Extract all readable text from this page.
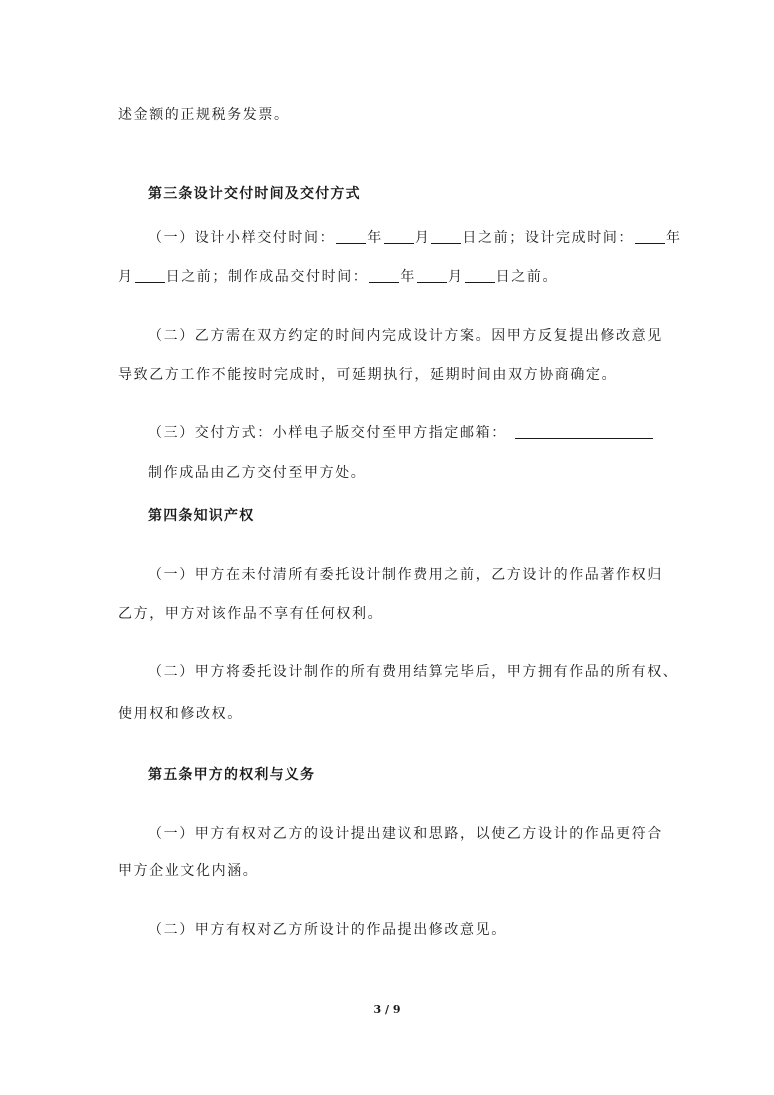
述金额的正规税务发票。
第三条设计交付时间及交付方式
（一）设计小样交付时间： 年 月 日之前；设计完成时间： 年
月 日之前；制作成品交付时间： 年 月 日之前。
（二）乙方需在双方约定的时间内完成设计方案。因甲方反复提出修改意见
导致乙方工作不能按时完成时，可延期执行，延期时间由双方协商确定。
（三）交付方式：小样电子版交付至甲方指定邮箱：
制作成品由乙方交付至甲方处。
第四条知识产权
（一）甲方在未付清所有委托设计制作费用之前，乙方设计的作品著作权归
乙方，甲方对该作品不享有任何权利。
（二）甲方将委托设计制作的所有费用结算完毕后，甲方拥有作品的所有权、
使用权和修改权。
第五条甲方的权利与义务
（一）甲方有权对乙方的设计提出建议和思路，以使乙方设计的作品更符合
甲方企业文化内涵。
（二）甲方有权对乙方所设计的作品提出修改意见。
3 / 9
